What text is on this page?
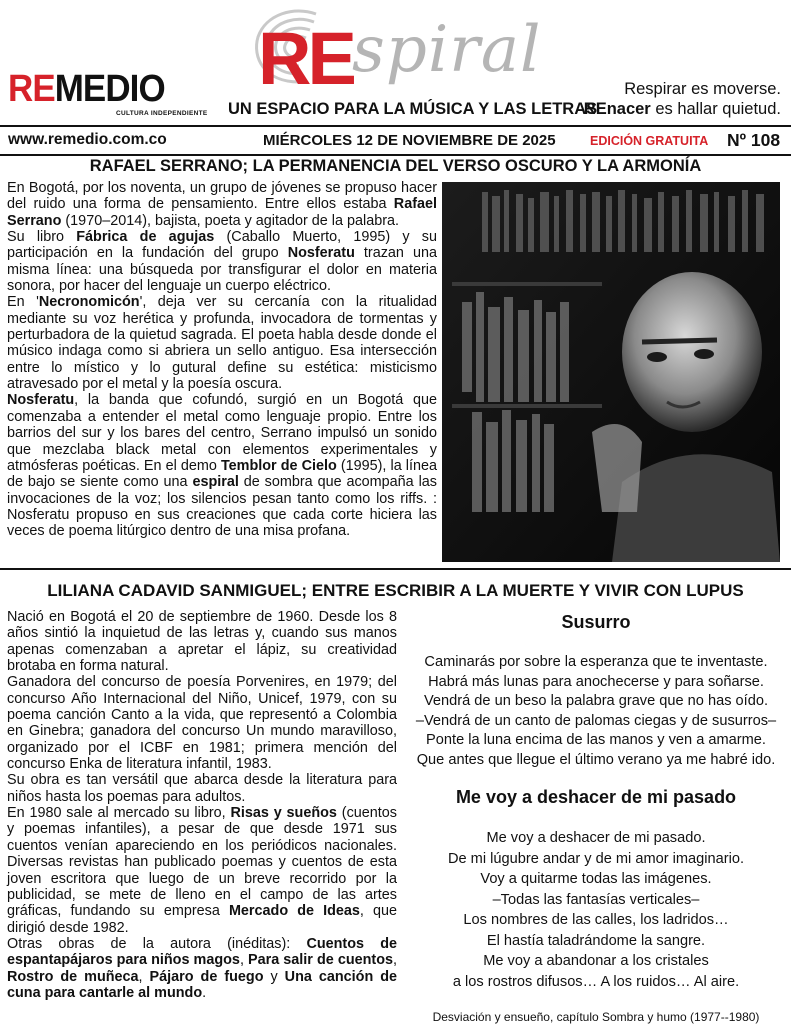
RE spiral
REMEDIO
CULTURA INDEPENDIENTE UN ESPACIO PARA LA MÚSICA Y LAS LETRAS
Respirar es moverse.
REnacer es hallar quietud.
www.remedio.com.co	MIÉRCOLES 12 DE NOVIEMBRE DE 2025	EDICIÓN GRATUITA Nº 108
RAFAEL SERRANO; LA PERMANENCIA DEL VERSO OSCURO Y LA ARMONÍA

En Bogotá, por los noventa, un grupo de jóvenes se propuso hacer del ruido una forma de pensamiento. Entre ellos estaba Rafael Serrano (1970–2014), bajista, poeta y agitador de la palabra.

Su libro Fábrica de agujas (Caballo Muerto, 1995) y su participación en la fundación del grupo Nosferatu trazan una misma línea: una búsqueda por transfigurar el dolor en materia sonora, por hacer del lenguaje un cuerpo eléctrico.

En 'Necronomicón', deja ver su cercanía con la ritualidad mediante su voz herética y profunda, invocadora de tormentas y perturbadora de la quietud sagrada. El poeta habla desde donde el músico indaga como si abriera un sello antiguo. Esa intersección entre lo místico y lo gutural define su estética: misticismo atravesado por el metal y la poesía oscura.

Nosferatu, la banda que cofundó, surgió en un Bogotá que comenzaba a entender el metal como lenguaje propio. Entre los barrios del sur y los bares del centro, Serrano impulsó un sonido que mezclaba black metal con elementos experimentales y atmósferas poéticas. En el demo Temblor de Cielo (1995), la línea de bajo se siente como una espiral de sombra que acompaña las invocaciones de la voz; los silencios pesan tanto como los riffs. : Nosferatu propuso en sus creaciones que cada corte hiciera las veces de poema litúrgico dentro de una misa profana.

LILIANA CADAVID SANMIGUEL; ENTRE ESCRIBIR A LA MUERTE Y VIVIR CON LUPUS

Nació en Bogotá el 20 de septiembre de 1960. Desde los 8 años sintió la inquietud de las letras y, cuando sus manos apenas comenzaban a apretar el lápiz, su creatividad brotaba en forma natural.

Ganadora del concurso de poesía Porvenires, en 1979; del concurso Año Internacional del Niño, Unicef, 1979, con su poema canción Canto a la vida, que representó a Colombia en Ginebra; ganadora del concurso Un mundo maravilloso, organizado por el ICBF en 1981; primera mención del concurso Enka de literatura infantil, 1983.

Su obra es tan versátil que abarca desde la literatura para niños hasta los poemas para adultos.

En 1980 sale al mercado su libro, Risas y sueños (cuentos y poemas infantiles), a pesar de que desde 1971 sus cuentos venían apareciendo en los periódicos nacionales. Diversas revistas han publicado poemas y cuentos de esta joven escritora que luego de un breve recorrido por la publicidad, se mete de lleno en el campo de las artes gráficas, fundando su empresa Mercado de Ideas, que dirigió desde 1982.

Otras obras de la autora (inéditas): Cuentos de espantapájaros para niños magos, Para salir de cuentos, Rostro de muñeca, Pájaro de fuego y Una canción de cuna para cantarle al mundo.

Susurro
Caminarás por sobre la esperanza que te inventaste.
Habrá más lunas para anochecerse y para soñarse.
Vendrá de un beso la palabra grave que no has oído.
–Vendrá de un canto de palomas ciegas y de susurros–
Ponte la luna encima de las manos y ven a amarme.
Que antes que llegue el último verano ya me habré ido.
Me voy a deshacer de mi pasado
Me voy a deshacer de mi pasado.
De mi lúgubre andar y de mi amor imaginario.
Voy a quitarme todas las imágenes.
–Todas las fantasías verticales–
Los nombres de las calles, los ladridos…
El hastía taladrándome la sangre.
Me voy a abandonar a los cristales
a los rostros difusos… A los ruidos… Al aire.
Desviación y ensueño, capítulo Sombra y humo (1977--1980)
